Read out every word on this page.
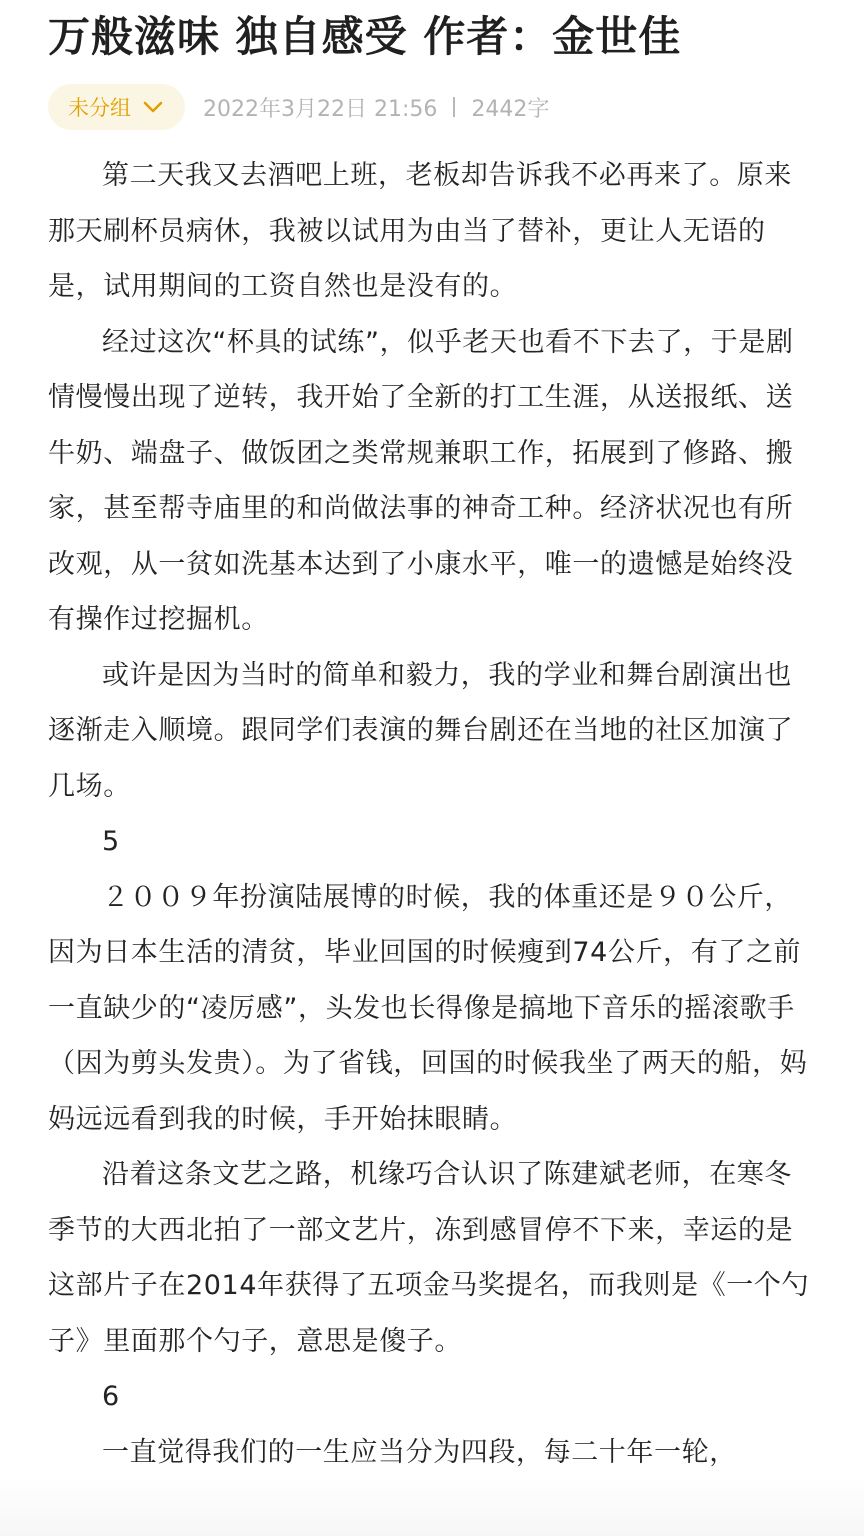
万般滋味 独自感受 作者：金世佳
未分组	2022年3月22日 21:56 2442字

第二天我又去酒吧上班，老板却告诉我不必再来了。原来那天刷杯员病休，我被以试用为由当了替补，更让人无语的是，试用期间的工资自然也是没有的。

经过这次“杯具的试练”，似乎老天也看不下去了，于是剧情慢慢出现了逆转，我开始了全新的打工生涯，从送报纸、送牛奶、端盘子、做饭团之类常规兼职工作，拓展到了修路、搬家，甚至帮寺庙里的和尚做法事的神奇工种。经济状况也有所改观，从一贫如洗基本达到了小康水平，唯一的遗憾是始终没有操作过挖掘机。

或许是因为当时的简单和毅力，我的学业和舞台剧演出也逐渐走入顺境。跟同学们表演的舞台剧还在当地的社区加演了几场。

5

２００９年扮演陆展博的时候，我的体重还是９０公斤，因为日本生活的清贫，毕业回国的时候瘦到74公斤，有了之前一直缺少的“凌厉感”，头发也长得像是搞地下音乐的摇滚歌手（因为剪头发贵）。为了省钱，回国的时候我坐了两天的船，妈妈远远看到我的时候，手开始抹眼睛。

沿着这条文艺之路，机缘巧合认识了陈建斌老师，在寒冬季节的大西北拍了一部文艺片，冻到感冒停不下来，幸运的是这部片子在2014年获得了五项金马奖提名，而我则是《一个勺子》里面那个勺子，意思是傻子。

6

一直觉得我们的一生应当分为四段，每二十年一轮，
